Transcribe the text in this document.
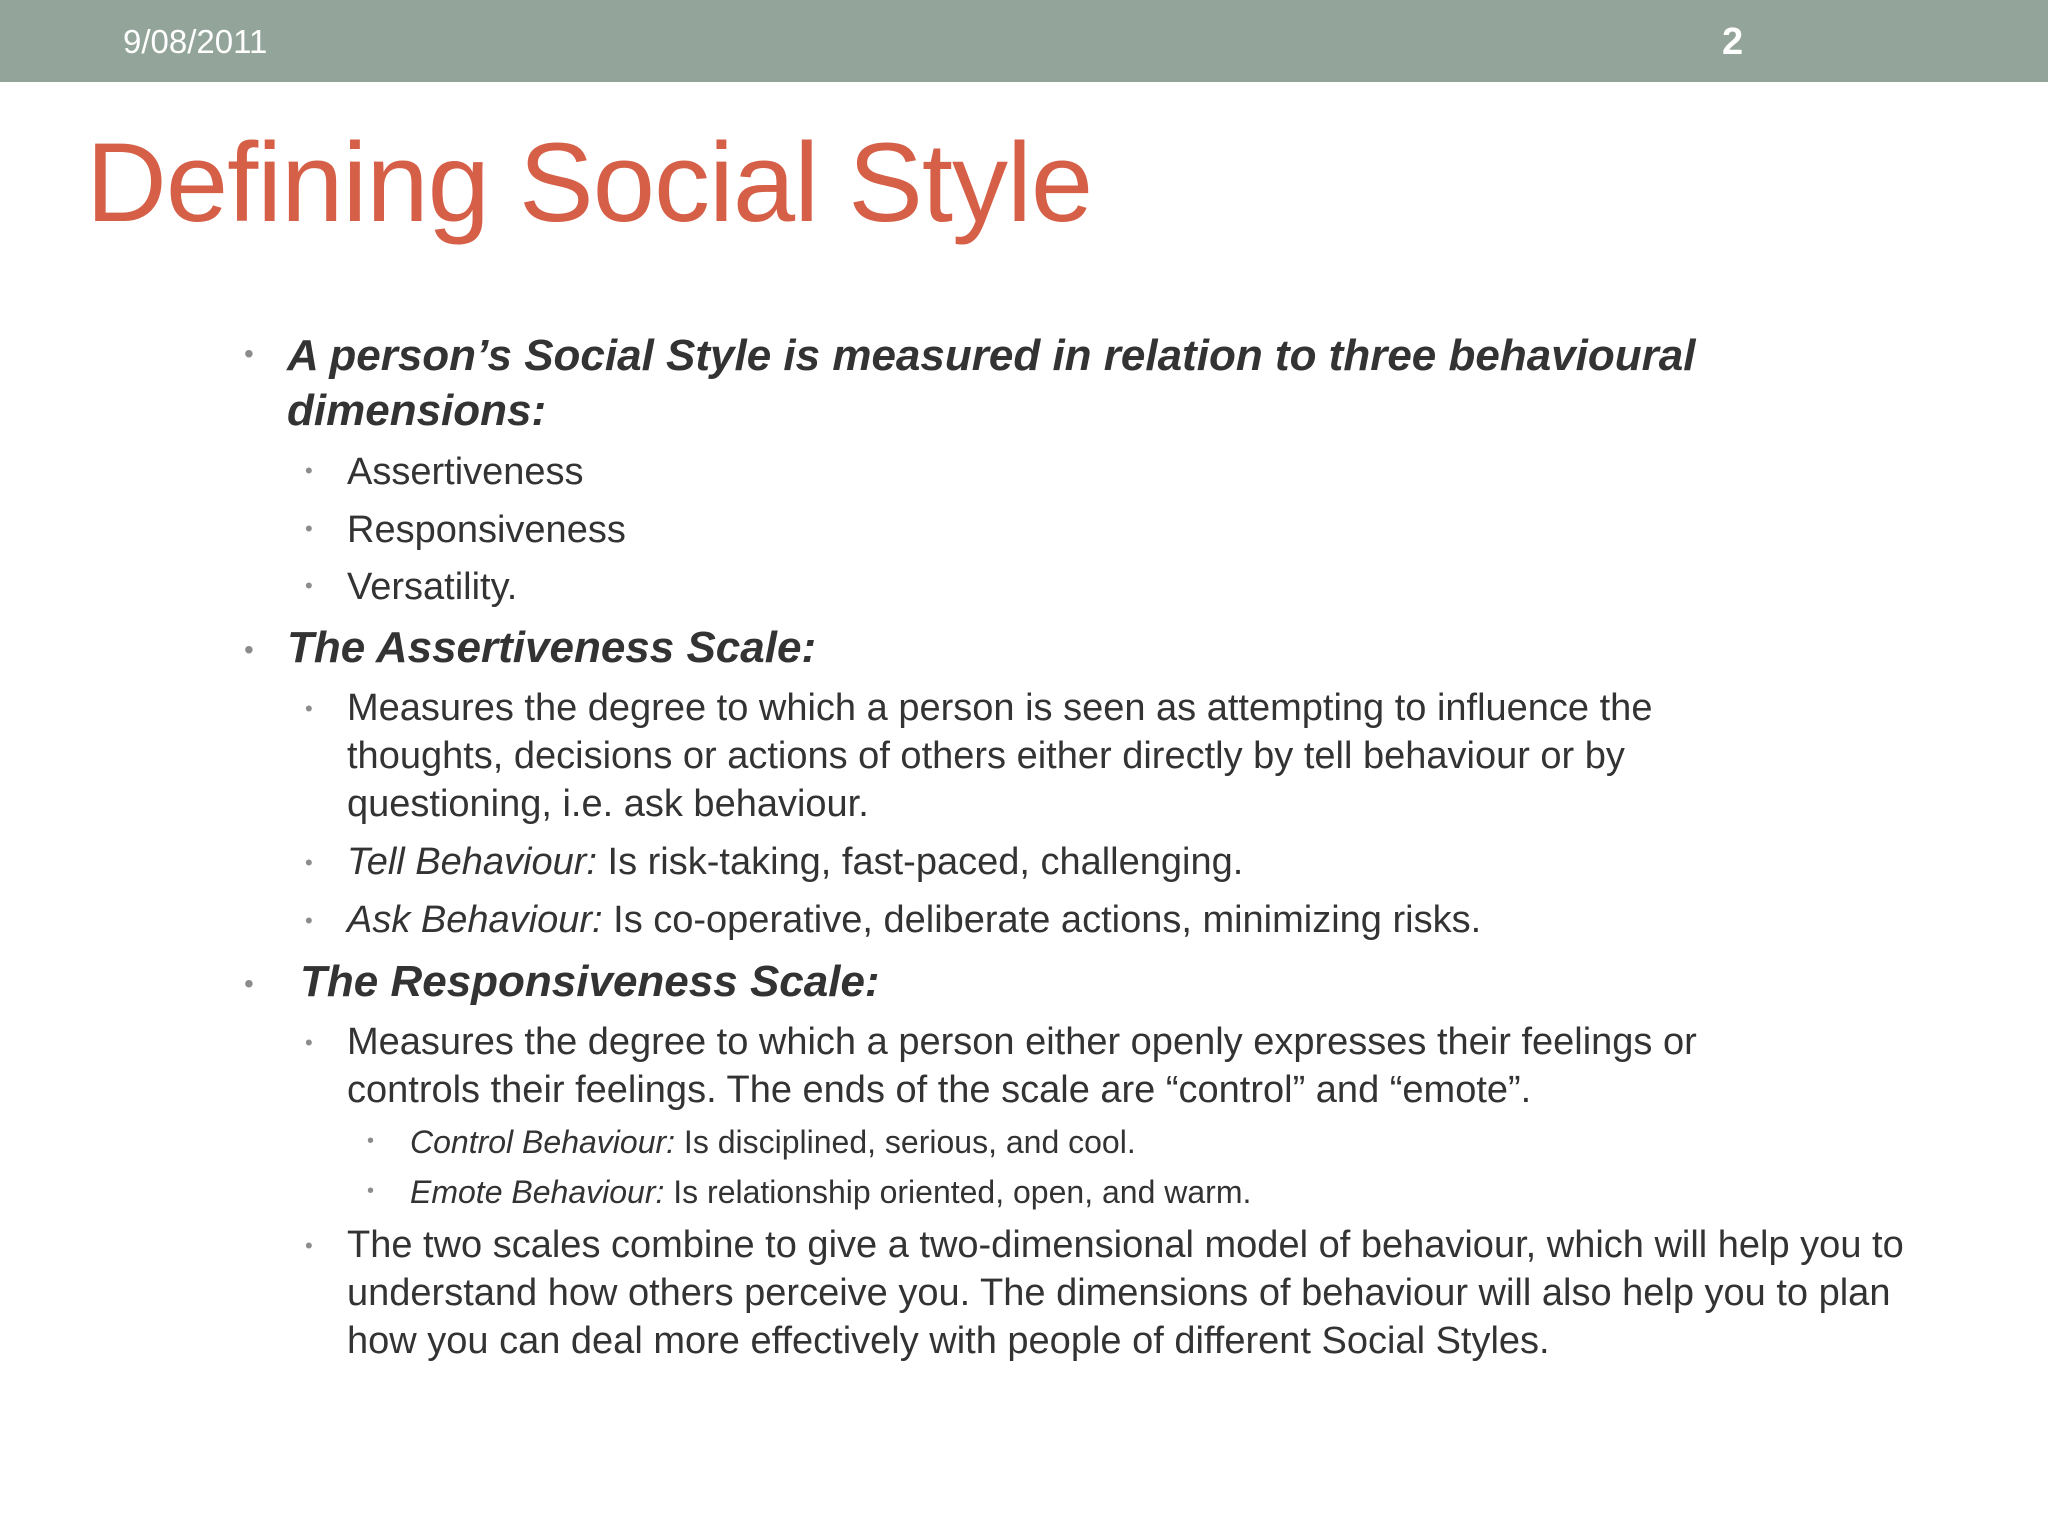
9/08/2011	2
Defining Social Style
• A person’s Social Style is measured in relation to three behavioural dimensions:

• Assertiveness

• Responsiveness

• Versatility.

• The Assertiveness Scale:

• Measures the degree to which a person is seen as attempting to influence the thoughts, decisions or actions of others either directly by tell behaviour or by questioning, i.e. ask behaviour.

• Tell Behaviour: Is risk-taking, fast-paced, challenging.

• Ask Behaviour: Is co-operative, deliberate actions, minimizing risks.

• The Responsiveness Scale:

• Measures the degree to which a person either openly expresses their feelings or controls their feelings. The ends of the scale are “control” and “emote”.

• Control Behaviour: Is disciplined, serious, and cool.

• Emote Behaviour: Is relationship oriented, open, and warm.

• The two scales combine to give a two-dimensional model of behaviour, which will help you to understand how others perceive you. The dimensions of behaviour will also help you to plan how you can deal more effectively with people of different Social Styles.
